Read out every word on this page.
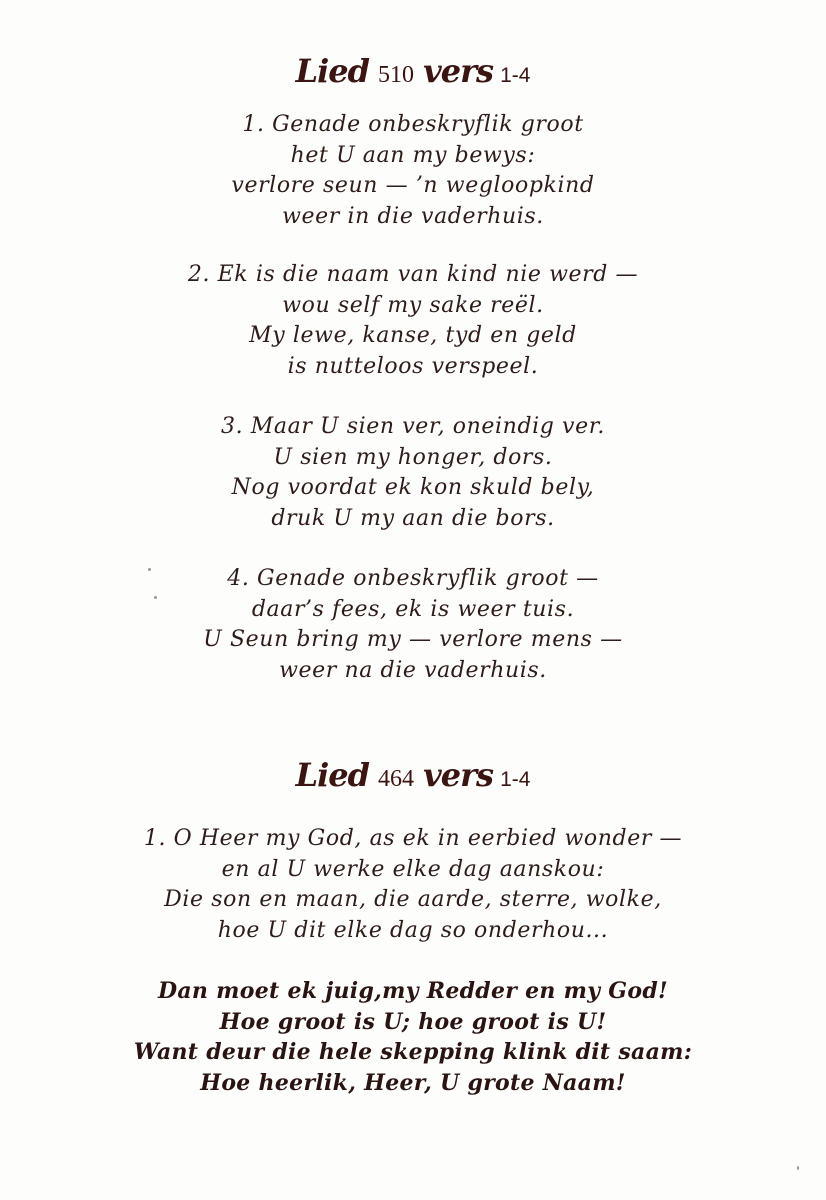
Lied 510 vers 1-4
1. Genade onbeskryflik groot
het U aan my bewys:
verlore seun — ’n wegloopkind
weer in die vaderhuis.
2. Ek is die naam van kind nie werd —
wou self my sake reël.
My lewe, kanse, tyd en geld
is nutteloos verspeel.
3. Maar U sien ver, oneindig ver.
U sien my honger, dors.
Nog voordat ek kon skuld bely,
druk U my aan die bors.
4. Genade onbeskryflik groot —
daar’s fees, ek is weer tuis.
U Seun bring my — verlore mens —
weer na die vaderhuis.
Lied 464 vers 1-4
1. O Heer my God, as ek in eerbied wonder —
en al U werke elke dag aanskou:
Die son en maan, die aarde, sterre, wolke,
hoe U dit elke dag so onderhou...
Dan moet ek juig,my Redder en my God!
Hoe groot is U; hoe groot is U!
Want deur die hele skepping klink dit saam:
Hoe heerlik, Heer, U grote Naam!
